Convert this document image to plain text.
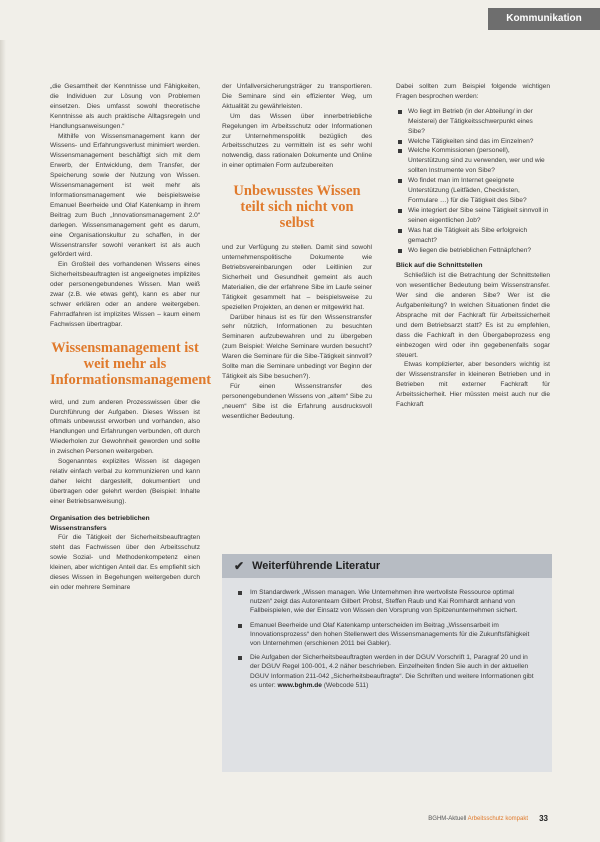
Kommunikation

„die Gesamtheit der Kenntnisse und Fähigkeiten, die Individuen zur Lösung von Problemen einsetzen. Dies umfasst sowohl theoretische Kenntnisse als auch praktische Alltagsregeln und Handlungsanweisungen.“

Mithilfe von Wissensmanagement kann der Wissens- und Erfahrungsverlust minimiert werden. Wissensmanagement beschäftigt sich mit dem Erwerb, der Entwicklung, dem Transfer, der Speicherung sowie der Nutzung von Wissen. Wissensmanagement ist weit mehr als Informationsmanagement wie beispielsweise Emanuel Beerheide und Olaf Katenkamp in ihrem Beitrag zum Buch „Innovationsmanagement 2.0“ darlegen. Wissensmanagement geht es darum, eine Organisationskultur zu schaffen, in der Wissenstransfer sowohl verankert ist als auch gefördert wird.

Ein Großteil des vorhandenen Wissens eines Sicherheitsbeauftragten ist angeeignetes implizites oder personengebundenes Wissen. Man weiß zwar (z.B. wie etwas geht), kann es aber nur schwer erklären oder an andere weitergeben. Fahrradfahren ist implizites Wissen – kaum einem Fachwissen übertragbar.

Wissensmanagement ist weit mehr als Informationsmanagement

wird, und zum anderen Prozesswissen über die Durchführung der Aufgaben. Dieses Wissen ist oftmals unbewusst erworben und vorhanden, also Handlungen und Erfahrungen verbunden, oft durch Wiederholen zur Gewohnheit geworden und sollte in zwischen Personen weitergeben.

Sogenanntes explizites Wissen ist dagegen relativ einfach verbal zu kommunizieren und kann daher leicht dargestellt, dokumentiert und übertragen oder gelehrt werden (Beispiel: Inhalte einer Betriebsanweisung).

Organisation des betrieblichen Wissenstransfers

Für die Tätigkeit der Sicherheitsbeauftragten steht das Fachwissen über den Arbeitsschutz sowie Sozial- und Methodenkompetenz einen kleinen, aber wichtigen Anteil dar. Es empfiehlt sich dieses Wissen in Begehungen weitergeben durch ein oder mehrere Seminare

der Unfallversicherungsträger zu transportieren. Die Seminare sind ein effizienter Weg, um Aktualität zu gewährleisten.

Um das Wissen über innerbetriebliche Regelungen im Arbeitsschutz oder Informationen zur Unternehmenspolitik bezüglich des Arbeitsschutzes zu vermitteln ist es sehr wohl notwendig, dass rationalen Dokumente und Online in einer optimalen Form aufzubereiten

Unbewusstes Wissen teilt sich nicht von selbst

und zur Verfügung zu stellen. Damit sind sowohl unternehmenspolitische Dokumente wie Betriebsvereinbarungen oder Leitlinien zur Sicherheit und Gesundheit gemeint als auch Materialien, die der erfahrene Sibe im Laufe seiner Tätigkeit gesammelt hat – beispielsweise zu speziellen Projekten, an denen er mitgewirkt hat.

Darüber hinaus ist es für den Wissenstransfer sehr nützlich, Informationen zu besuchten Seminaren aufzubewahren und zu übergeben (zum Beispiel: Welche Seminare wurden besucht? Waren die Seminare für die Sibe-Tätigkeit sinnvoll? Sollte man die Seminare unbedingt vor Beginn der Tätigkeit als Sibe besuchen?).

Für einen Wissenstransfer des personengebundenen Wissens von „altem“ Sibe zu „neuem“ Sibe ist die Erfahrung ausdrucksvoll wesentlicher Bedeutung.

Dabei sollten zum Beispiel folgende wichtigen Fragen besprochen werden:

Wo liegt im Betrieb (in der Abteilung/ in der Meisterei) der Tätigkeitsschwerpunkt eines Sibe?
Welche Tätigkeiten sind das im Einzelnen?
Welche Kommissionen (personell), Unterstützung sind zu verwenden, wer und wie sollten Instrumente von Sibe?
Wo findet man im Internet geeignete Unterstützung (Leitfäden, Checklisten, Formulare …) für die Tätigkeit des Sibe?
Wie integriert der Sibe seine Tätigkeit sinnvoll in seinen eigentlichen Job?
Was hat die Tätigkeit als Sibe erfolgreich gemacht?
Wo liegen die betrieblichen Fettnäpfchen?

Blick auf die Schnittstellen

Schließlich ist die Betrachtung der Schnittstellen von wesentlicher Bedeutung beim Wissenstransfer. Wer sind die anderen Sibe? Wer ist die Aufgabenleitung? In welchen Situationen findet die Absprache mit der Fachkraft für Arbeitssicherheit und dem Betriebsarzt statt? Es ist zu empfehlen, dass die Fachkraft in den Übergabeprozess eng einbezogen wird oder ihn gegebenenfalls sogar steuert.

Etwas komplizierter, aber besonders wichtig ist der Wissenstransfer in kleineren Betrieben und in Betrieben mit externer Fachkraft für Arbeitssicherheit. Hier müssten meist auch nur die Fachkraft

✔ Weiterführende Literatur
Im Standardwerk „Wissen managen. Wie Unternehmen ihre wertvollste Ressource optimal nutzen“ zeigt das Autorenteam Gilbert Probst, Steffen Raub und Kai Romhardt anhand von Fallbeispielen, wie der Einsatz von Wissen den Vorsprung von Spitzenunternehmen sichert.
Emanuel Beerheide und Olaf Katenkamp unterscheiden im Beitrag „Wissensarbeit im Innovationsprozess“ den hohen Stellenwert des Wissensmanagements für die Zukunftsfähigkeit von Unternehmen (erschienen 2011 bei Gabler).
Die Aufgaben der Sicherheitsbeauftragten werden in der DGUV Vorschrift 1, Paragraf 20 und in der DGUV Regel 100-001, 4.2 näher beschrieben. Einzelheiten finden Sie auch in der aktuellen DGUV Information 211-042 „Sicherheitsbeauftragte“. Die Schriften und weitere Informationen gibt es unter: www.bghm.de (Webcode 511)
BGHM-Aktuell Arbeitsschutz kompakt 33
